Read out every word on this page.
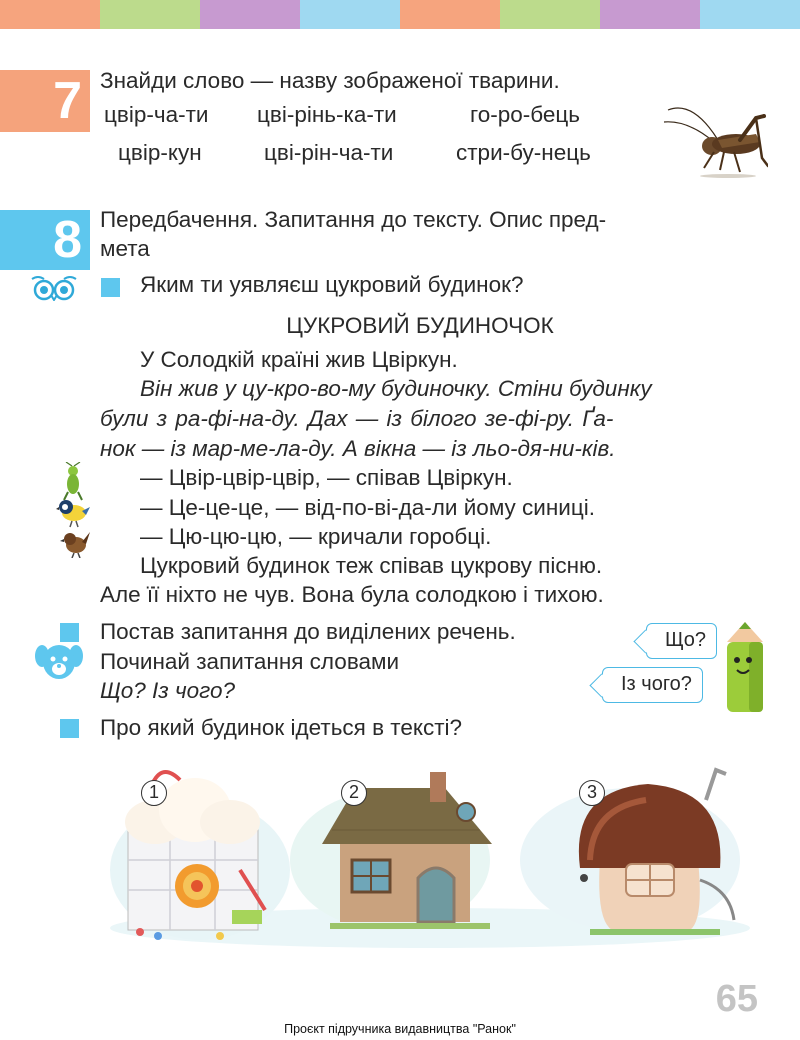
7 Знайди слово — назву зображеної тварини.
цвір-ча-ти цві-рінь-ка-ти	го-ро-бець
цвір-кун	цві-рін-ча-ти	стри-бу-нець
8 Передбачення. Запитання до тексту. Опис пред-
мета
Яким ти уявляєш цукровий будинок?
ЦУКРОВИЙ БУДИНОЧОК
У Солодкій країні жив Цвіркун.
Він жив у цу-кро-во-му будиночку. Стіни будинку
були з ра-фі-на-ду. Дах — із білого зе-фі-ру. Ґа-
нок — із мар-ме-ла-ду. А вікна — із льо-дя-ни-ків.
— Цвір-цвір-цвір, — співав Цвіркун.
— Це-це-це, — від-по-ві-да-ли йому синиці.
— Цю-цю-цю, — кричали горобці.
Цукровий будинок теж співав цукрову пісню.
Але її ніхто не чув. Вона була солодкою і тихою.
Постав запитання до виділених речень.
Починай запитання словами
Що? Із чого?
Що?
Із чого?
Про який будинок ідеться в тексті?
1	2	3
65
Проєкт підручника видавництва "Ранок"
